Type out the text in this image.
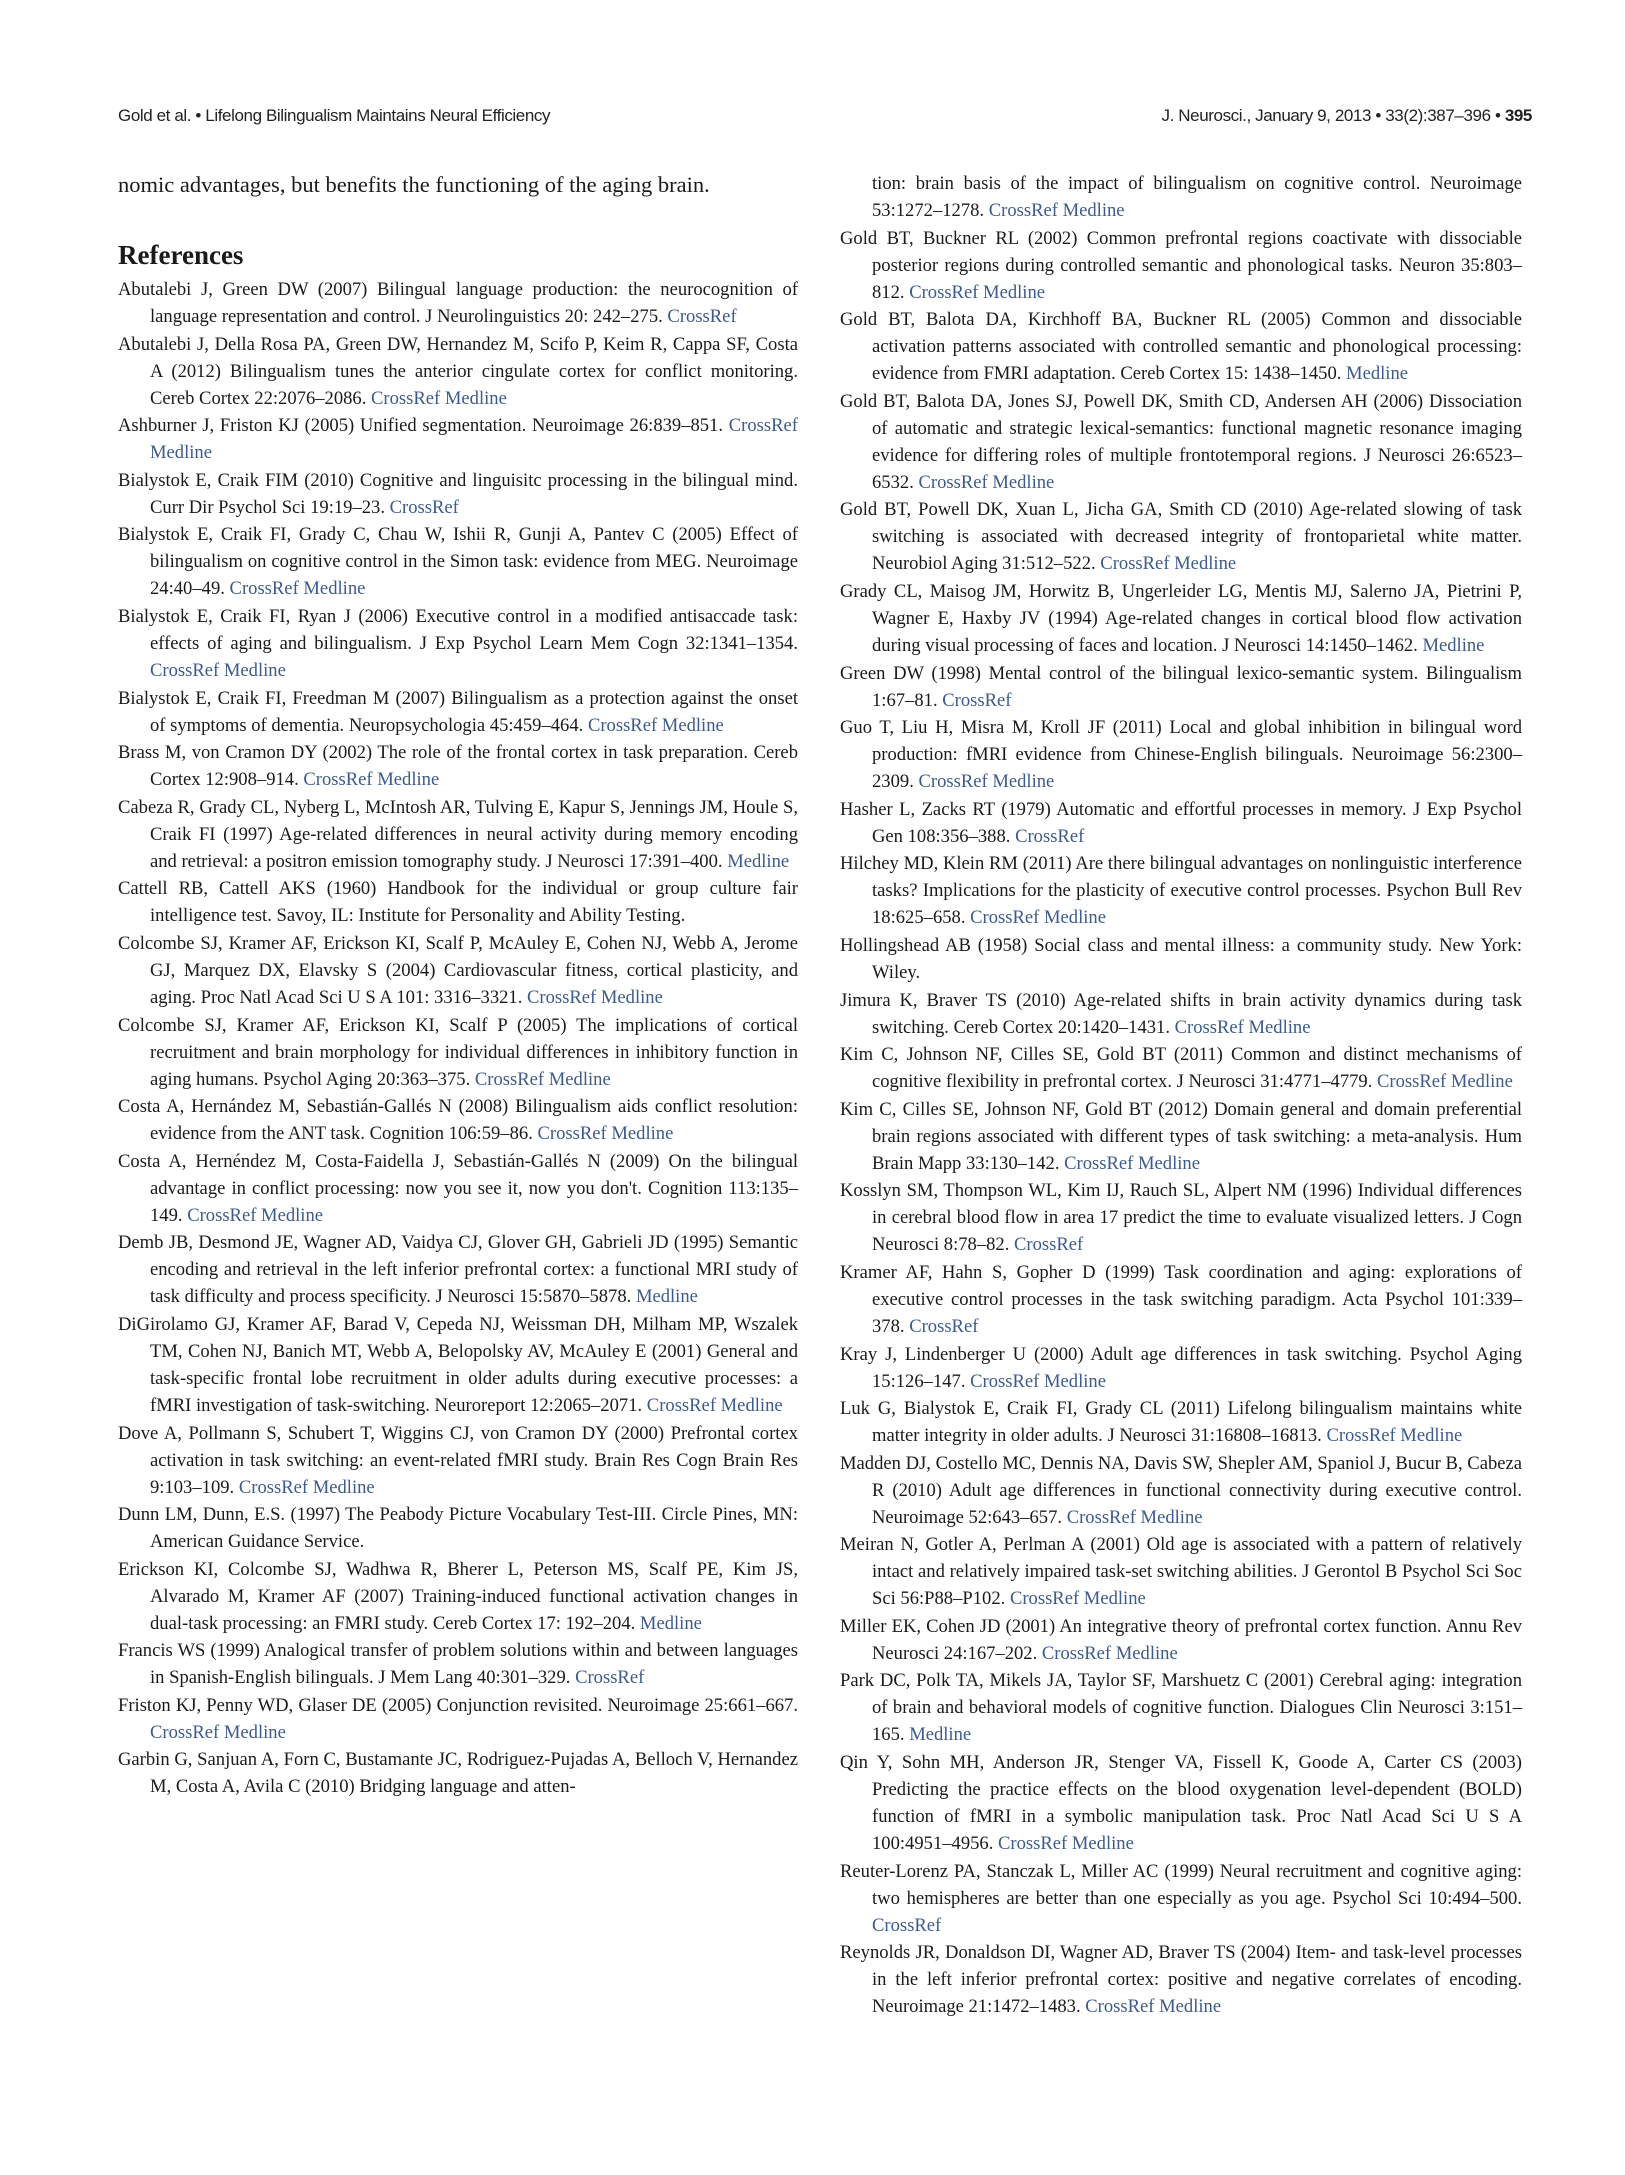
Gold et al. • Lifelong Bilingualism Maintains Neural Efficiency	J. Neurosci., January 9, 2013 • 33(2):387–396 • 395

nomic advantages, but benefits the functioning of the aging brain.

References
Abutalebi J, Green DW (2007) Bilingual language production: the neurocognition of language representation and control. J Neurolinguistics 20: 242–275. CrossRef
Abutalebi J, Della Rosa PA, Green DW, Hernandez M, Scifo P, Keim R, Cappa SF, Costa A (2012) Bilingualism tunes the anterior cingulate cortex for conflict monitoring. Cereb Cortex 22:2076–2086. CrossRef Medline
Ashburner J, Friston KJ (2005) Unified segmentation. Neuroimage 26:839–851. CrossRef Medline
Bialystok E, Craik FIM (2010) Cognitive and linguisitc processing in the bilingual mind. Curr Dir Psychol Sci 19:19–23. CrossRef
Bialystok E, Craik FI, Grady C, Chau W, Ishii R, Gunji A, Pantev C (2005) Effect of bilingualism on cognitive control in the Simon task: evidence from MEG. Neuroimage 24:40–49. CrossRef Medline
Bialystok E, Craik FI, Ryan J (2006) Executive control in a modified antisaccade task: effects of aging and bilingualism. J Exp Psychol Learn Mem Cogn 32:1341–1354. CrossRef Medline
Bialystok E, Craik FI, Freedman M (2007) Bilingualism as a protection against the onset of symptoms of dementia. Neuropsychologia 45:459–464. CrossRef Medline
Brass M, von Cramon DY (2002) The role of the frontal cortex in task preparation. Cereb Cortex 12:908–914. CrossRef Medline
Cabeza R, Grady CL, Nyberg L, McIntosh AR, Tulving E, Kapur S, Jennings JM, Houle S, Craik FI (1997) Age-related differences in neural activity during memory encoding and retrieval: a positron emission tomography study. J Neurosci 17:391–400. Medline
Cattell RB, Cattell AKS (1960) Handbook for the individual or group culture fair intelligence test. Savoy, IL: Institute for Personality and Ability Testing.
Colcombe SJ, Kramer AF, Erickson KI, Scalf P, McAuley E, Cohen NJ, Webb A, Jerome GJ, Marquez DX, Elavsky S (2004) Cardiovascular fitness, cortical plasticity, and aging. Proc Natl Acad Sci U S A 101: 3316–3321. CrossRef Medline
Colcombe SJ, Kramer AF, Erickson KI, Scalf P (2005) The implications of cortical recruitment and brain morphology for individual differences in inhibitory function in aging humans. Psychol Aging 20:363–375. CrossRef Medline
Costa A, Hernández M, Sebastián-Gallés N (2008) Bilingualism aids conflict resolution: evidence from the ANT task. Cognition 106:59–86. CrossRef Medline
Costa A, Hernéndez M, Costa-Faidella J, Sebastián-Gallés N (2009) On the bilingual advantage in conflict processing: now you see it, now you don't. Cognition 113:135–149. CrossRef Medline
Demb JB, Desmond JE, Wagner AD, Vaidya CJ, Glover GH, Gabrieli JD (1995) Semantic encoding and retrieval in the left inferior prefrontal cortex: a functional MRI study of task difficulty and process specificity. J Neurosci 15:5870–5878. Medline
DiGirolamo GJ, Kramer AF, Barad V, Cepeda NJ, Weissman DH, Milham MP, Wszalek TM, Cohen NJ, Banich MT, Webb A, Belopolsky AV, McAuley E (2001) General and task-specific frontal lobe recruitment in older adults during executive processes: a fMRI investigation of task-switching. Neuroreport 12:2065–2071. CrossRef Medline
Dove A, Pollmann S, Schubert T, Wiggins CJ, von Cramon DY (2000) Prefrontal cortex activation in task switching: an event-related fMRI study. Brain Res Cogn Brain Res 9:103–109. CrossRef Medline
Dunn LM, Dunn, E.S. (1997) The Peabody Picture Vocabulary Test-III. Circle Pines, MN: American Guidance Service.
Erickson KI, Colcombe SJ, Wadhwa R, Bherer L, Peterson MS, Scalf PE, Kim JS, Alvarado M, Kramer AF (2007) Training-induced functional activation changes in dual-task processing: an FMRI study. Cereb Cortex 17: 192–204. Medline
Francis WS (1999) Analogical transfer of problem solutions within and between languages in Spanish-English bilinguals. J Mem Lang 40:301–329. CrossRef
Friston KJ, Penny WD, Glaser DE (2005) Conjunction revisited. Neuroimage 25:661–667. CrossRef Medline
Garbin G, Sanjuan A, Forn C, Bustamante JC, Rodriguez-Pujadas A, Belloch V, Hernandez M, Costa A, Avila C (2010) Bridging language and atten-
tion: brain basis of the impact of bilingualism on cognitive control. Neuroimage 53:1272–1278. CrossRef Medline
Gold BT, Buckner RL (2002) Common prefrontal regions coactivate with dissociable posterior regions during controlled semantic and phonological tasks. Neuron 35:803–812. CrossRef Medline
Gold BT, Balota DA, Kirchhoff BA, Buckner RL (2005) Common and dissociable activation patterns associated with controlled semantic and phonological processing: evidence from FMRI adaptation. Cereb Cortex 15: 1438–1450. Medline
Gold BT, Balota DA, Jones SJ, Powell DK, Smith CD, Andersen AH (2006) Dissociation of automatic and strategic lexical-semantics: functional magnetic resonance imaging evidence for differing roles of multiple frontotemporal regions. J Neurosci 26:6523–6532. CrossRef Medline
Gold BT, Powell DK, Xuan L, Jicha GA, Smith CD (2010) Age-related slowing of task switching is associated with decreased integrity of frontoparietal white matter. Neurobiol Aging 31:512–522. CrossRef Medline
Grady CL, Maisog JM, Horwitz B, Ungerleider LG, Mentis MJ, Salerno JA, Pietrini P, Wagner E, Haxby JV (1994) Age-related changes in cortical blood flow activation during visual processing of faces and location. J Neurosci 14:1450–1462. Medline
Green DW (1998) Mental control of the bilingual lexico-semantic system. Bilingualism 1:67–81. CrossRef
Guo T, Liu H, Misra M, Kroll JF (2011) Local and global inhibition in bilingual word production: fMRI evidence from Chinese-English bilinguals. Neuroimage 56:2300–2309. CrossRef Medline
Hasher L, Zacks RT (1979) Automatic and effortful processes in memory. J Exp Psychol Gen 108:356–388. CrossRef
Hilchey MD, Klein RM (2011) Are there bilingual advantages on nonlinguistic interference tasks? Implications for the plasticity of executive control processes. Psychon Bull Rev 18:625–658. CrossRef Medline
Hollingshead AB (1958) Social class and mental illness: a community study. New York: Wiley.
Jimura K, Braver TS (2010) Age-related shifts in brain activity dynamics during task switching. Cereb Cortex 20:1420–1431. CrossRef Medline
Kim C, Johnson NF, Cilles SE, Gold BT (2011) Common and distinct mechanisms of cognitive flexibility in prefrontal cortex. J Neurosci 31:4771–4779. CrossRef Medline
Kim C, Cilles SE, Johnson NF, Gold BT (2012) Domain general and domain preferential brain regions associated with different types of task switching: a meta-analysis. Hum Brain Mapp 33:130–142. CrossRef Medline
Kosslyn SM, Thompson WL, Kim IJ, Rauch SL, Alpert NM (1996) Individual differences in cerebral blood flow in area 17 predict the time to evaluate visualized letters. J Cogn Neurosci 8:78–82. CrossRef
Kramer AF, Hahn S, Gopher D (1999) Task coordination and aging: explorations of executive control processes in the task switching paradigm. Acta Psychol 101:339–378. CrossRef
Kray J, Lindenberger U (2000) Adult age differences in task switching. Psychol Aging 15:126–147. CrossRef Medline
Luk G, Bialystok E, Craik FI, Grady CL (2011) Lifelong bilingualism maintains white matter integrity in older adults. J Neurosci 31:16808–16813. CrossRef Medline
Madden DJ, Costello MC, Dennis NA, Davis SW, Shepler AM, Spaniol J, Bucur B, Cabeza R (2010) Adult age differences in functional connectivity during executive control. Neuroimage 52:643–657. CrossRef Medline
Meiran N, Gotler A, Perlman A (2001) Old age is associated with a pattern of relatively intact and relatively impaired task-set switching abilities. J Gerontol B Psychol Sci Soc Sci 56:P88–P102. CrossRef Medline
Miller EK, Cohen JD (2001) An integrative theory of prefrontal cortex function. Annu Rev Neurosci 24:167–202. CrossRef Medline
Park DC, Polk TA, Mikels JA, Taylor SF, Marshuetz C (2001) Cerebral aging: integration of brain and behavioral models of cognitive function. Dialogues Clin Neurosci 3:151–165. Medline
Qin Y, Sohn MH, Anderson JR, Stenger VA, Fissell K, Goode A, Carter CS (2003) Predicting the practice effects on the blood oxygenation level-dependent (BOLD) function of fMRI in a symbolic manipulation task. Proc Natl Acad Sci U S A 100:4951–4956. CrossRef Medline
Reuter-Lorenz PA, Stanczak L, Miller AC (1999) Neural recruitment and cognitive aging: two hemispheres are better than one especially as you age. Psychol Sci 10:494–500. CrossRef
Reynolds JR, Donaldson DI, Wagner AD, Braver TS (2004) Item- and task-level processes in the left inferior prefrontal cortex: positive and negative correlates of encoding. Neuroimage 21:1472–1483. CrossRef Medline
